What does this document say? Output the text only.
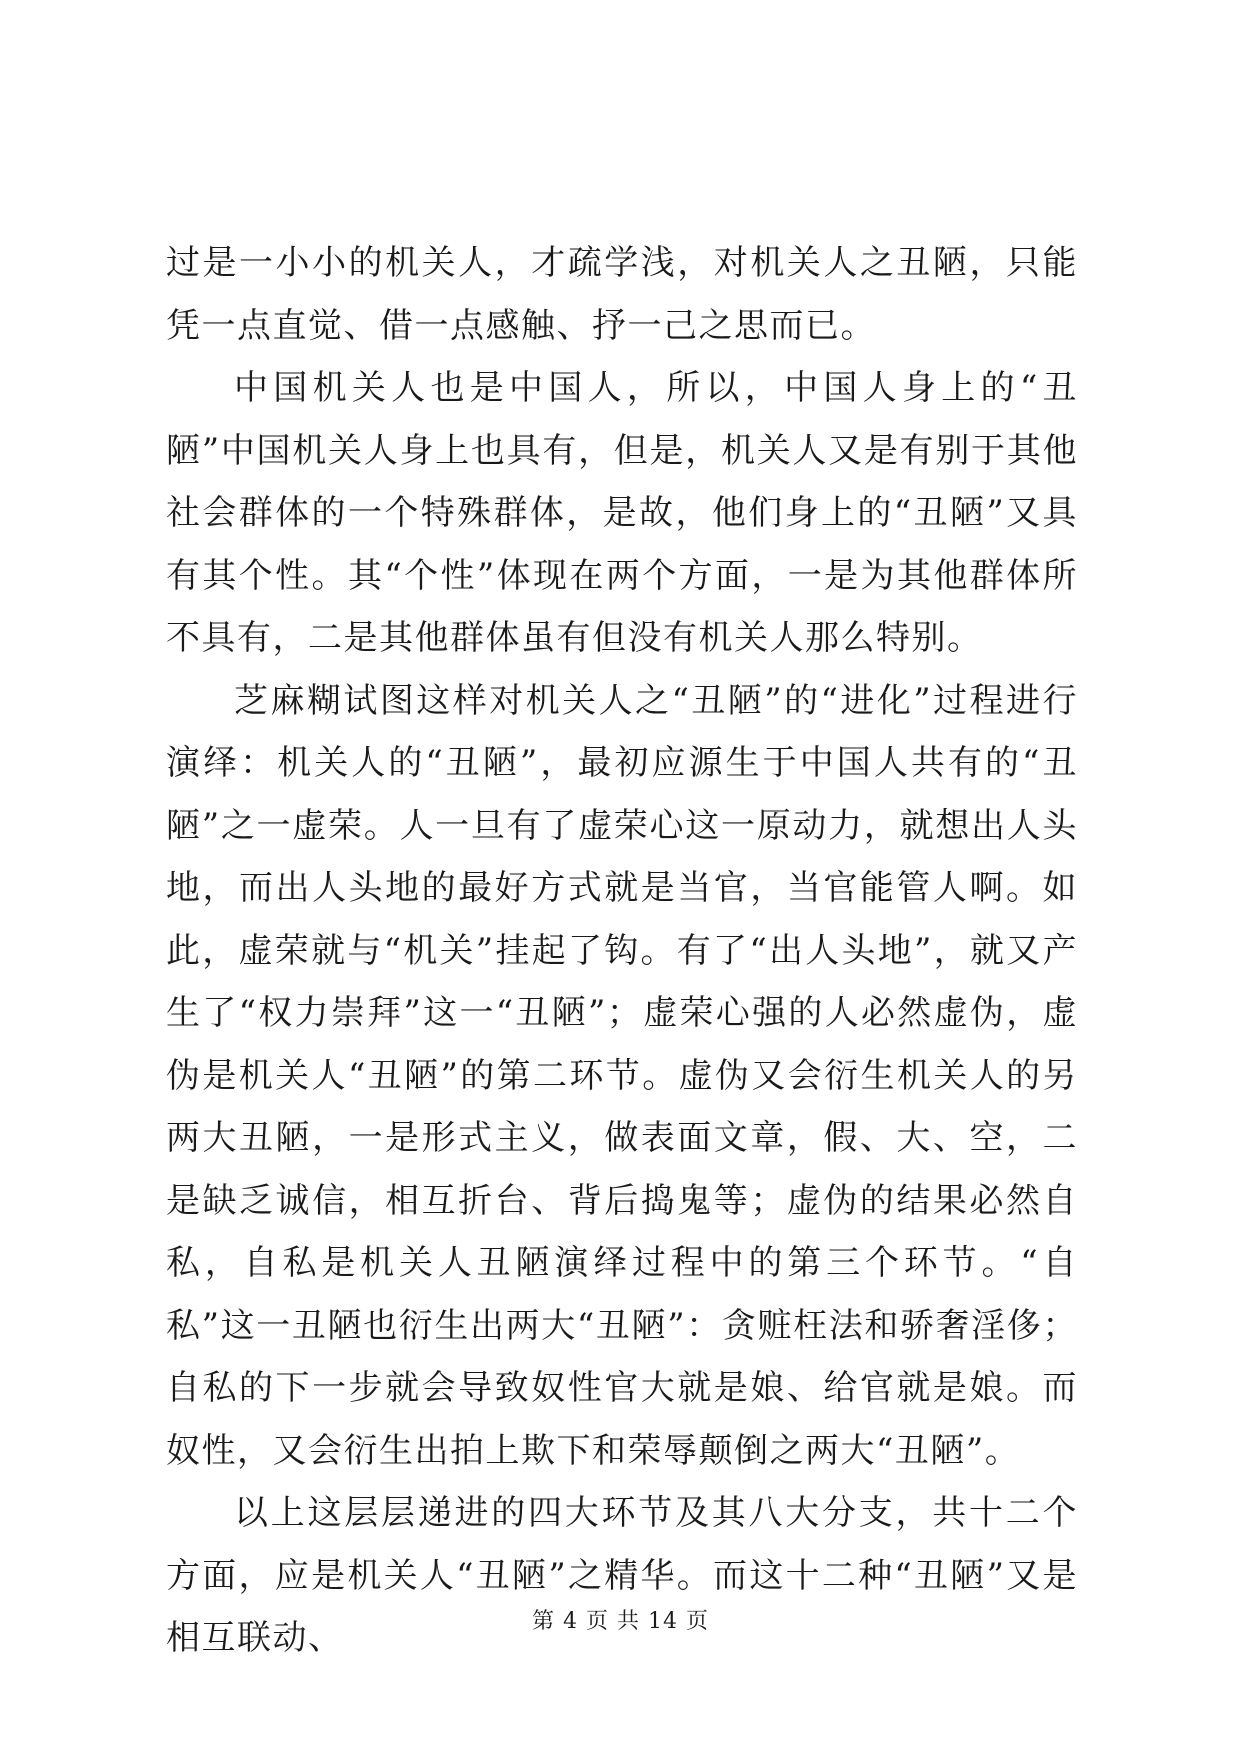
过是一小小的机关人，才疏学浅，对机关人之丑陋，只能凭一点直觉、借一点感触、抒一己之思而已。

中国机关人也是中国人，所以，中国人身上的“丑陋”中国机关人身上也具有，但是，机关人又是有别于其他社会群体的一个特殊群体，是故，他们身上的“丑陋”又具有其个性。其“个性”体现在两个方面，一是为其他群体所不具有，二是其他群体虽有但没有机关人那么特别。

芝麻糊试图这样对机关人之“丑陋”的“进化”过程进行演绎：机关人的“丑陋”，最初应源生于中国人共有的“丑陋”之一虚荣。人一旦有了虚荣心这一原动力，就想出人头地，而出人头地的最好方式就是当官，当官能管人啊。如此，虚荣就与“机关”挂起了钩。有了“出人头地”，就又产生了“权力崇拜”这一“丑陋”；虚荣心强的人必然虚伪，虚伪是机关人“丑陋”的第二环节。虚伪又会衍生机关人的另两大丑陋，一是形式主义，做表面文章，假、大、空，二是缺乏诚信，相互折台、背后捣鬼等；虚伪的结果必然自私，自私是机关人丑陋演绎过程中的第三个环节。“自私”这一丑陋也衍生出两大“丑陋”：贪赃枉法和骄奢淫侈；自私的下一步就会导致奴性官大就是娘、给官就是娘。而奴性，又会衍生出拍上欺下和荣辱颠倒之两大“丑陋”。

以上这层层递进的四大环节及其八大分支，共十二个方面，应是机关人“丑陋”之精华。而这十二种“丑陋”又是相互联动、	第 4 页 共 14 页
